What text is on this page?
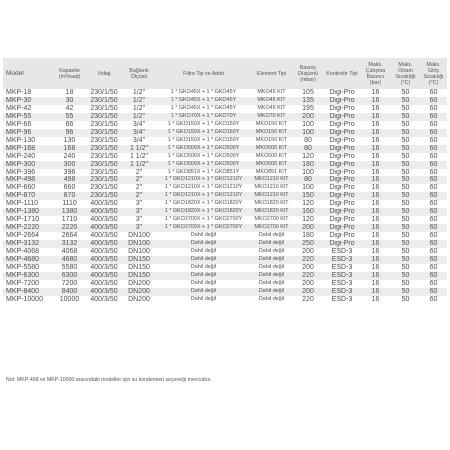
Model	Kapasite (m³/saat)	Voltaj	Bağlantı Ölçüsü	Filtre Tip ve Adeti	Element Tipi	Basınç Düşümü (mbar)	Kontrolör Tipi	Maks. Çalışma Basıncı (bar)	Maks. Ortam Sıcaklığı (°C)	Maks. Giriş Sıcaklığı (°C)
MKP-18	18	230/1/50	1/2"	1 * GKO45X + 1 * GKO45Y	MKO45 KIT	105	Digi-Pro	16	50	60
MKP-30	30	230/1/50	1/2"	1 * GKO45X + 1 * GKO45Y	MKO45 KIT	135	Digi-Pro	16	50	60
MKP-42	42	230/1/50	1/2"	1 * GKO45X + 1 * GKO45Y	MKO45 KIT	195	Digi-Pro	16	50	60
MKP-55	55	230/1/50	1/2"	1 * GKO70X + 1 * GKO70Y	MKO70 KIT	200	Digi-Pro	16	50	60
MKP-66	66	230/1/50	3/4"	1 * GKO150X + 1 * GKO150Y	MKO150 KIT	100	Digi-Pro	16	50	60
MKP-96	96	230/1/50	3/4"	1 * GKO150X + 1 * GKO150Y	MKO150 KIT	100	Digi-Pro	16	50	60
MKP-130	130	230/1/50	3/4"	1 * GKO150X + 1 * GKO150Y	MKO150 KIT	80	Digi-Pro	16	50	60
MKP-168	168	230/1/50	1 1/2"	1 * GKO500X + 1 * GKO500Y	MKO500 KIT	80	Digi-Pro	16	50	60
MKP-240	240	230/1/50	1 1/2"	1 * GKO500X + 1 * GKO500Y	MKO500 KIT	120	Digi-Pro	16	50	60
MKP-300	300	230/1/50	1 1/2"	1 * GKO500X + 1 * GKO500Y	MKO500 KIT	180	Digi-Pro	16	50	60
MKP-396	396	230/1/50	2"	1 * GKO851X + 1 * GKO851Y	MKO851 KIT	100	Digi-Pro	16	50	60
MKP-498	498	230/1/50	2"	1 * GKO1210X + 1 * GKO1210Y	MKO1210 KIT	80	Digi-Pro	16	50	60
MKP-660	660	230/1/50	2"	1 * GKO1210X + 1 * GKO1210Y	MKO1210 KIT	100	Digi-Pro	16	50	60
MKP-870	870	230/1/50	2"	1 * GKO1210X + 1 * GKO1210Y	MKO1210 KIT	150	Digi-Pro	16	50	60
MKP-1110	1110	400/3/50	3"	1 * GKO1820X + 1 * GKO1820Y	MKO1820 KIT	120	Digi-Pro	16	50	60
MKP-1380	1380	400/3/50	3"	1 * GKO1820X + 1 * GKO1820Y	MKO1820 KIT	160	Digi-Pro	16	50	60
MKP-1710	1710	400/3/50	3"	1 * GKO2700X + 1 * GKO2700Y	MKO2700 KIT	120	Digi-Pro	16	50	60
MKP-2220	2220	400/3/50	3"	1 * GKO2700X + 1 * GKO2700Y	MKO2700 KIT	200	Digi-Pro	16	50	60
MKP-2664	2664	400/3/50	DN100	Dahil değil	Dahil değil	180	Digi-Pro	16	50	60
MKP-3132	3132	400/3/50	DN100	Dahil değil	Dahil değil	250	Digi-Pro	16	50	60
MKP-4068	4068	400/3/50	DN100	Dahil değil	Dahil değil	200	ESD-3	16	50	60
MKP-4680	4680	400/3/50	DN150	Dahil değil	Dahil değil	220	ESD-3	16	50	60
MKP-5580	5580	400/3/50	DN150	Dahil değil	Dahil değil	200	ESD-3	16	50	60
MKP-6300	6300	400/3/50	DN150	Dahil değil	Dahil değil	220	ESD-3	16	50	60
MKP-7200	7200	400/3/50	DN200	Dahil değil	Dahil değil	200	ESD-3	16	50	60
MKP-8400	8400	400/3/50	DN200	Dahil değil	Dahil değil	200	ESD-3	16	50	60
MKP-10000	10000	400/3/50	DN200	Dahil değil	Dahil değil	220	ESD-3	16	50	60
Not: MKP-498 ve MKP-10000 arasındaki modeller için su kondenseri seçeneği mevcuttur.
